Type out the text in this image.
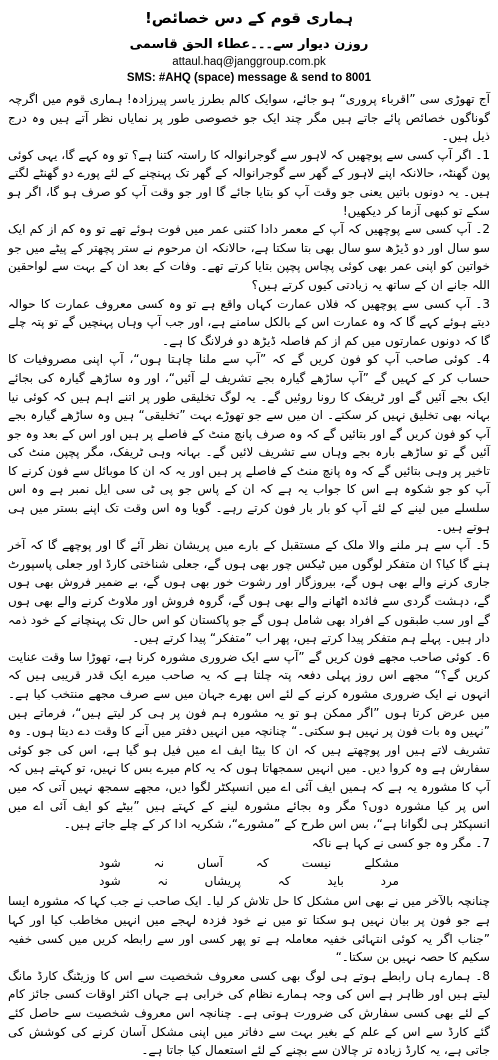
ہماری قوم کے دس خصائص!
روزن دیوار سے۔۔۔عطاء الحق قاسمی
attaul.haq@janggroup.com.pk
SMS: #AHQ (space) message & send to 8001

آج تھوڑی سی ”اقرباء پروری“ ہو جائے، سوایک کالم بطرز یاسر پیرزادہ! ہماری قوم میں اگرچہ گوناگوں خصائص پائے جاتے ہیں مگر چند ایک جو خصوصی طور پر نمایاں نظر آتے ہیں وہ درج ذیل ہیں۔

1۔ اگر آپ کسی سے پوچھیں کہ لاہور سے گوجرانوالہ کا راستہ کتنا ہے؟ تو وہ کہے گا، یہی کوئی پون گھنٹہ، حالانکہ اپنے لاہور کے گھر سے گوجرانوالہ کے گھر تک پہنچنے کے لئے پورے دو گھنٹے لگتے ہیں۔ یہ دونوں باتیں یعنی جو وقت آپ کو بتایا جائے گا اور جو وقت آپ کو صرف ہو گا، اگر ہو سکے تو کبھی آزما کر دیکھیں!

2۔ آپ کسی سے پوچھیں کہ آپ کے معمر دادا کتنی عمر میں فوت ہوئے تھے تو وہ کم از کم ایک سو سال اور دو ڈیڑھ سو سال بھی بتا سکتا ہے، حالانکہ ان مرحوم نے ستر پچھتر کے پیٹے میں جو خواتین کو اپنی عمر بھی کوئی پچاس پچپن بتایا کرتے تھے۔ وفات کے بعد ان کے بہت سے لواحقین اللہ جانے ان کے ساتھ یہ زیادتی کیوں کرتے ہیں؟

3۔ آپ کسی سے پوچھیں کہ فلاں عمارت کہاں واقع ہے تو وہ کسی معروف عمارت کا حوالہ دیتے ہوئے کہے گا کہ وہ عمارت اس کے بالکل سامنے ہے، اور جب آپ وہاں پہنچیں گے تو پتہ چلے گا کہ دونوں عمارتوں میں کم از کم فاصلہ ڈیڑھ دو فرلانگ کا ہے۔

4۔ کوئی صاحب آپ کو فون کریں گے کہ ”آپ سے ملنا چاہتا ہوں“، آپ اپنی مصروفیات کا حساب کر کے کہیں گے ”آپ ساڑھے گیارہ بجے تشریف لے آئیں“، اور وہ ساڑھے گیارہ کی بجائے ایک بجے آئیں گے اور ٹریفک کا رونا روئیں گے۔ یہ لوگ تخلیقی طور پر اتنے اہم ہیں کہ کوئی نیا بہانہ بھی تخلیق نہیں کر سکتے۔ ان میں سے جو تھوڑے بہت ”تخلیقی“ ہیں وہ ساڑھے گیارہ بجے آپ کو فون کریں گے اور بتائیں گے کہ وہ صرف پانچ منٹ کے فاصلے پر ہیں اور اس کے بعد وہ جو آئیں گے تو ساڑھے بارہ بجے وہاں سے تشریف لائیں گے۔ بہانہ وہی ٹریفک، مگر پچپن منٹ کی تاخیر پر وہی بتائیں گے کہ وہ پانچ منٹ کے فاصلے پر ہیں اور یہ کہ ان کا موبائل سے فون کرنے کا آپ کو جو شکوہ ہے اس کا جواب یہ ہے کہ ان کے پاس جو پی ٹی سی ایل نمبر ہے وہ اس سلسلے میں لینے کے لئے آپ کو بار بار فون کرتے رہے۔ گویا وہ اس وقت تک اپنے بستر میں ہی ہوتے ہیں۔

5۔ آپ سے ہر ملنے والا ملک کے مستقبل کے بارے میں پریشان نظر آئے گا اور پوچھے گا کہ آخر ہنے گا کیا؟ ان متفکر لوگوں میں ٹیکس چور بھی ہوں گے، جعلی شناختی کارڈ اور جعلی پاسپورٹ جاری کرنے والے بھی ہوں گے، بیروزگار اور رشوت خور بھی ہوں گے، بے ضمیر فروش بھی ہوں گے، دہشت گردی سے فائدہ اٹھانے والے بھی ہوں گے، گروہ فروش اور ملاوٹ کرنے والے بھی ہوں گے اور سب طبقوں کے افراد بھی شامل ہوں گے جو پاکستان کو اس حال تک پہنچانے کے خود ذمہ دار ہیں۔ پہلے ہم متفکر پیدا کرتے ہیں، پھر اب ”متفکر“ پیدا کرتے ہیں۔

6۔ کوئی صاحب مجھے فون کریں گے ”آپ سے ایک ضروری مشورہ کرنا ہے، تھوڑا سا وقت عنایت کریں گے؟“ مجھے اس روز پہلی دفعہ پتہ چلتا ہے کہ یہ صاحب میرے ایک قدر قریبی ہیں کہ انہوں نے ایک ضروری مشورہ کرنے کے لئے اس بھرے جہان میں سے صرف مجھے منتخب کیا ہے۔ میں عرض کرتا ہوں ”اگر ممکن ہو تو یہ مشورہ ہم فون پر ہی کر لیتے ہیں“، فرماتے ہیں ”نہیں وہ بات فون پر نہیں ہو سکتی۔“ چنانچہ میں انہیں دفتر میں آنے کا وقت دے دیتا ہوں۔ وہ تشریف لاتے ہیں اور پوچھتے ہیں کہ ان کا بیٹا ایف اے میں فیل ہو گیا ہے، اس کی جو کوئی سفارش ہے وہ کروا دیں۔ میں انہیں سمجھاتا ہوں کہ یہ کام میرے بس کا نہیں، تو کہتے ہیں کہ آپ کا مشورہ یہ ہے کہ ہمیں ایف آئی اے میں انسپکٹر لگوا دیں، مجھے سمجھ نہیں آتی کہ میں اس پر کیا مشورہ دوں؟ مگر وہ بجائے مشورہ لینے کے کہتے ہیں ”بیٹے کو ایف آئی اے میں انسپکٹر ہی لگوانا ہے“، بس اس طرح کے ”مشورے“، شکریہ ادا کر کے چلے جاتے ہیں۔

7۔ مگر وہ جو کسی نے کہا ہے ناکہ

مشکلے
نیست
کہ
آساں
نہ
شود
مرد
باید
کہ
پریشاں
نہ
شود

چنانچہ بالآخر میں نے بھی اس مشکل کا حل تلاش کر لیا۔ ایک صاحب نے جب کہا کہ مشورہ ایسا ہے جو فون پر بیان نہیں ہو سکتا تو میں نے خود فزدہ لہجے میں انہیں مخاطب کیا اور کہا ”جناب اگر یہ کوئی انتہائی خفیہ معاملہ ہے تو پھر کسی اور سے رابطہ کریں میں کسی خفیہ سکیم کا حصہ نہیں بن سکتا۔“

8۔ ہمارے ہاں رابطے ہوتے ہی لوگ بھی کسی معروف شخصیت سے اس کا وزیٹنگ کارڈ مانگ لیتے ہیں اور ظاہر ہے اس کی وجہ ہمارے نظام کی خرابی ہے جہاں اکثر اوقات کسی جائز کام کے لئے بھی کسی سفارش کی ضرورت ہوتی ہے۔ چنانچہ اس معروف شخصیت سے حاصل کئے گئے کارڈ سے اس کے علم کے بغیر بہت سے دفاتر میں اپنی مشکل آسان کرنے کی کوشش کی جاتی ہے، یہ کارڈ زیادہ تر چالان سے بچنے کے لئے استعمال کیا جاتا ہے۔
